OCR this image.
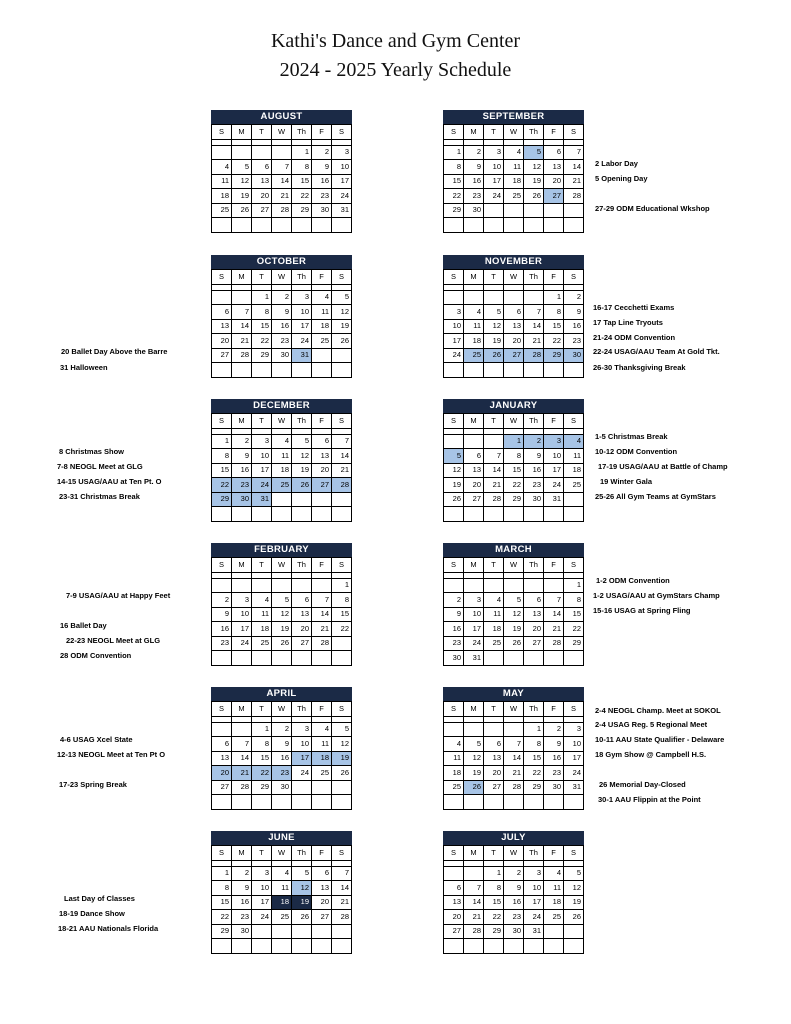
Kathi's Dance and Gym Center
2024 - 2025 Yearly Schedule
AUGUST
S	M	T	W	Th	F	S

				1	2	3
4	5	6	7	8	9	10
11	12	13	14	15	16	17
18	19	20	21	22	23	24
25	26	27	28	29	30	31

SEPTEMBER
S	M	T	W	Th	F	S

1	2	3	4	5	6	7
8	9	10	11	12	13	14
15	16	17	18	19	20	21
22	23	24	25	26	27	28
29	30					

OCTOBER
S	M	T	W	Th	F	S

		1	2	3	4	5
6	7	8	9	10	11	12
13	14	15	16	17	18	19
20	21	22	23	24	25	26
27	28	29	30	31		

NOVEMBER
S	M	T	W	Th	F	S

					1	2
3	4	5	6	7	8	9
10	11	12	13	14	15	16
17	18	19	20	21	22	23
24	25	26	27	28	29	30

DECEMBER
S	M	T	W	Th	F	S

1	2	3	4	5	6	7
8	9	10	11	12	13	14
15	16	17	18	19	20	21
22	23	24	25	26	27	28
29	30	31				

JANUARY
S	M	T	W	Th	F	S

			1	2	3	4
5	6	7	8	9	10	11
12	13	14	15	16	17	18
19	20	21	22	23	24	25
26	27	28	29	30	31	

FEBRUARY
S	M	T	W	Th	F	S

						1
2	3	4	5	6	7	8
9	10	11	12	13	14	15
16	17	18	19	20	21	22
23	24	25	26	27	28	

MARCH
S	M	T	W	Th	F	S

						1
2	3	4	5	6	7	8
9	10	11	12	13	14	15
16	17	18	19	20	21	22
23	24	25	26	27	28	29
30	31					
APRIL
S	M	T	W	Th	F	S

		1	2	3	4	5
6	7	8	9	10	11	12
13	14	15	16	17	18	19
20	21	22	23	24	25	26
27	28	29	30			

MAY
S	M	T	W	Th	F	S

				1	2	3
4	5	6	7	8	9	10
11	12	13	14	15	16	17
18	19	20	21	22	23	24
25	26	27	28	29	30	31

JUNE
S	M	T	W	Th	F	S

1	2	3	4	5	6	7
8	9	10	11	12	13	14
15	16	17	18	19	20	21
22	23	24	25	26	27	28
29	30					

JULY
S	M	T	W	Th	F	S

		1	2	3	4	5
6	7	8	9	10	11	12
13	14	15	16	17	18	19
20	21	22	23	24	25	26
27	28	29	30	31		

2 Labor Day
5 Opening Day
27-29 ODM Educational Wkshop
16-17 Cecchetti Exams
17 Tap Line Tryouts
21-24 ODM Convention
22-24 USAG/AAU Team At Gold Tkt.
26-30 Thanksgiving Break
1-5 Christmas Break
10-12 ODM Convention
17-19 USAG/AAU at Battle of Champ
19 Winter Gala
25-26 All Gym Teams at GymStars
1-2 ODM Convention
1-2 USAG/AAU at GymStars Champ
15-16 USAG at Spring Fling
2-4 NEOGL Champ. Meet at SOKOL
2-4 USAG Reg. 5 Regional Meet
10-11 AAU State Qualifier - Delaware
18 Gym Show @ Campbell H.S.
26 Memorial Day-Closed
30-1 AAU Flippin at the Point
20 Ballet Day Above the Barre
31 Halloween
8 Christmas Show
7-8 NEOGL Meet at GLG
14-15 USAG/AAU at Ten Pt. O
23-31 Christmas Break
7-9 USAG/AAU at Happy Feet
16 Ballet Day
22-23 NEOGL Meet at GLG
28 ODM Convention
4-6 USAG Xcel State
12-13 NEOGL Meet at Ten Pt O
17-23 Spring Break
Last Day of Classes
18-19 Dance Show
18-21 AAU Nationals Florida
